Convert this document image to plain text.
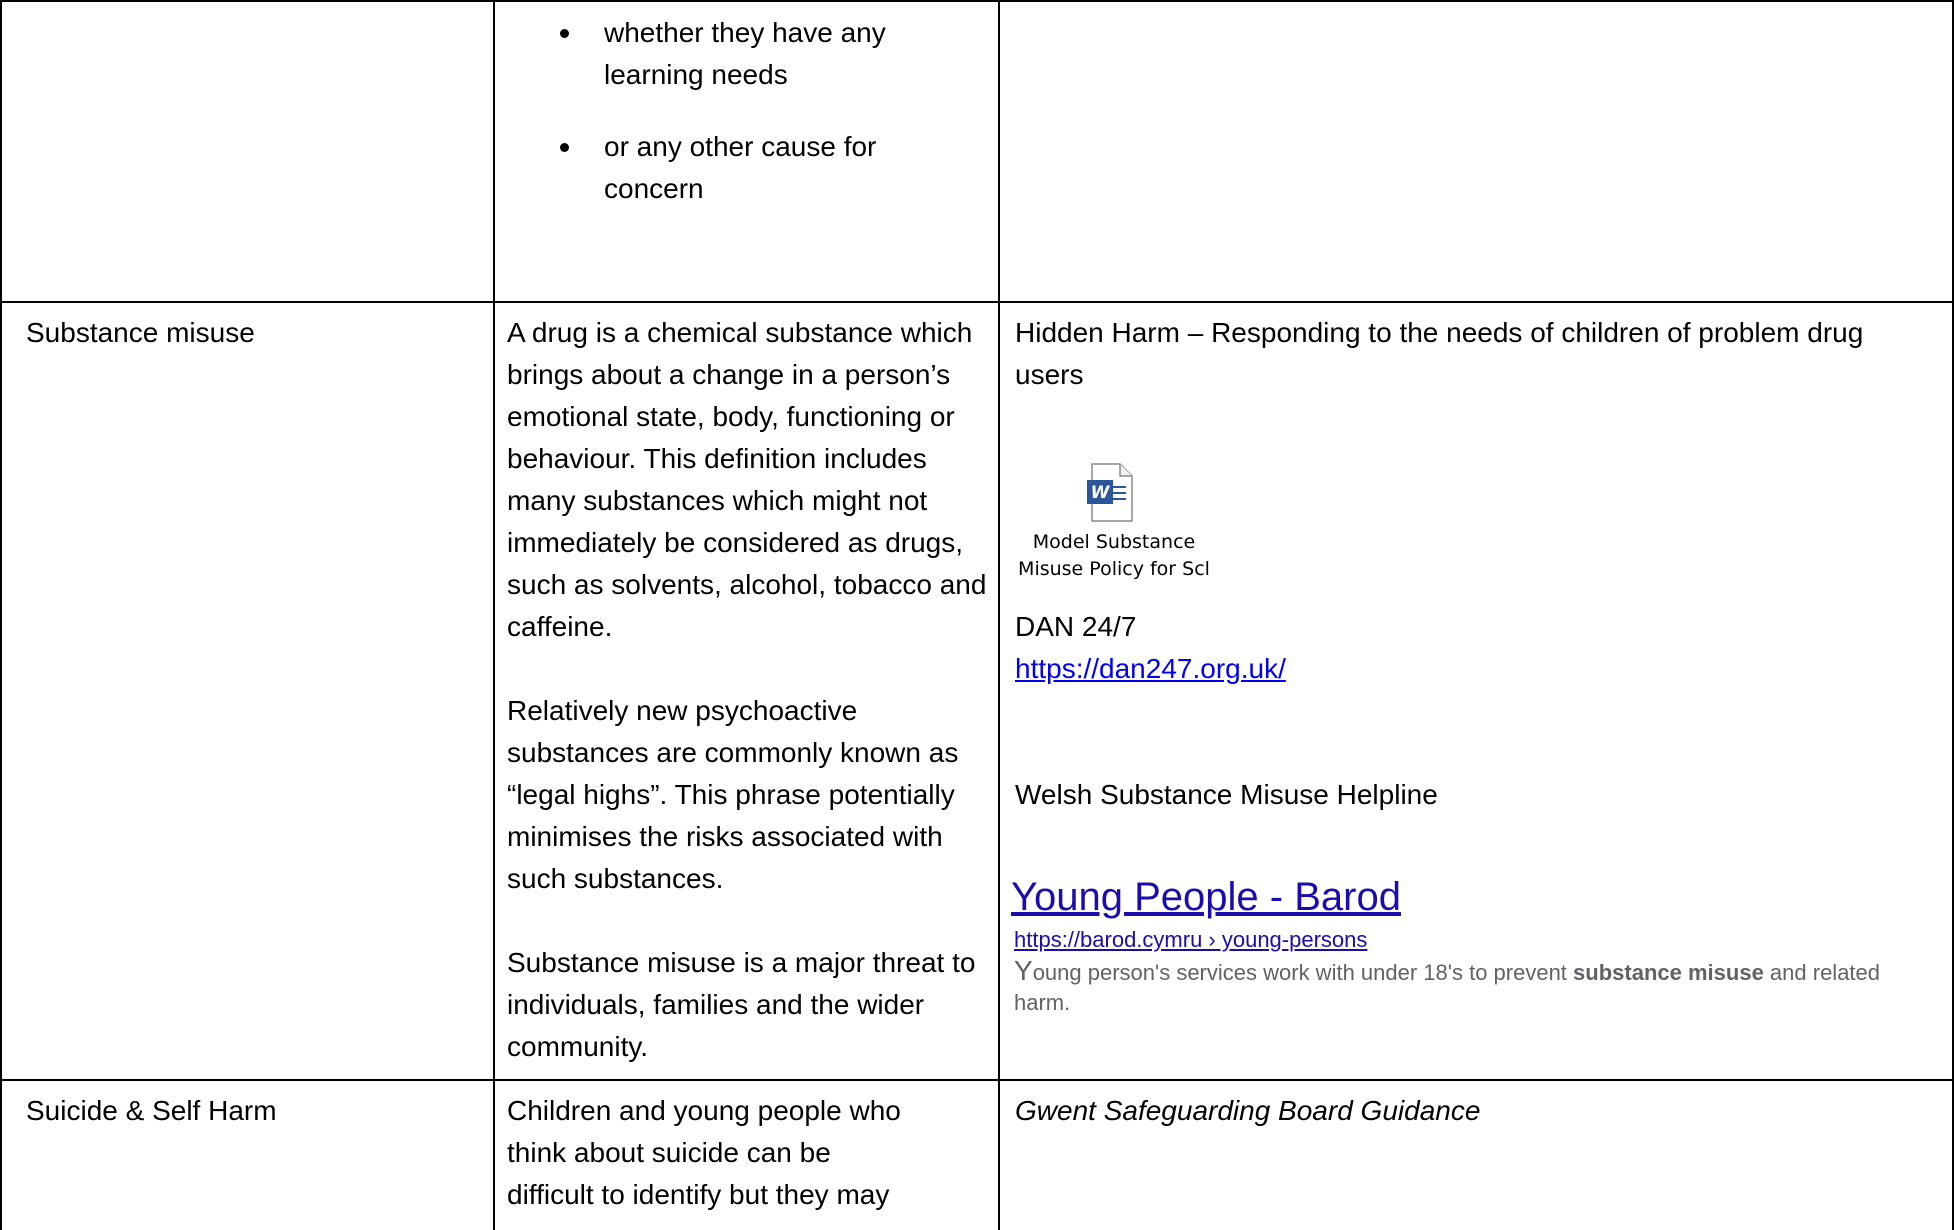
whether they have any learning needs
or any other cause for concern

Substance misuse	A drug is a chemical substance which brings about a change in a person’s emotional state, body, functioning or behaviour. This definition includes many substances which might not immediately be considered as drugs, such as solvents, alcohol, tobacco and caffeine.

Relatively new psychoactive substances are commonly known as “legal highs”. This phrase potentially minimises the risks associated with such substances.

Substance misuse is a major threat to individuals, families and the wider community.

Hidden Harm – Responding to the needs of children of problem drug users

W
Model Substance
Misuse Policy for Scl

DAN 24/7

https://dan247.org.uk/

Welsh Substance Misuse Helpline

Young People - Barod
https://barod.cymru › young-persons
Young person's services work with under 18's to prevent substance misuse and related harm.

Suicide & Self Harm	Children and young people who
think about suicide can be
difficult to identify but they may

Gwent Safeguarding Board Guidance
